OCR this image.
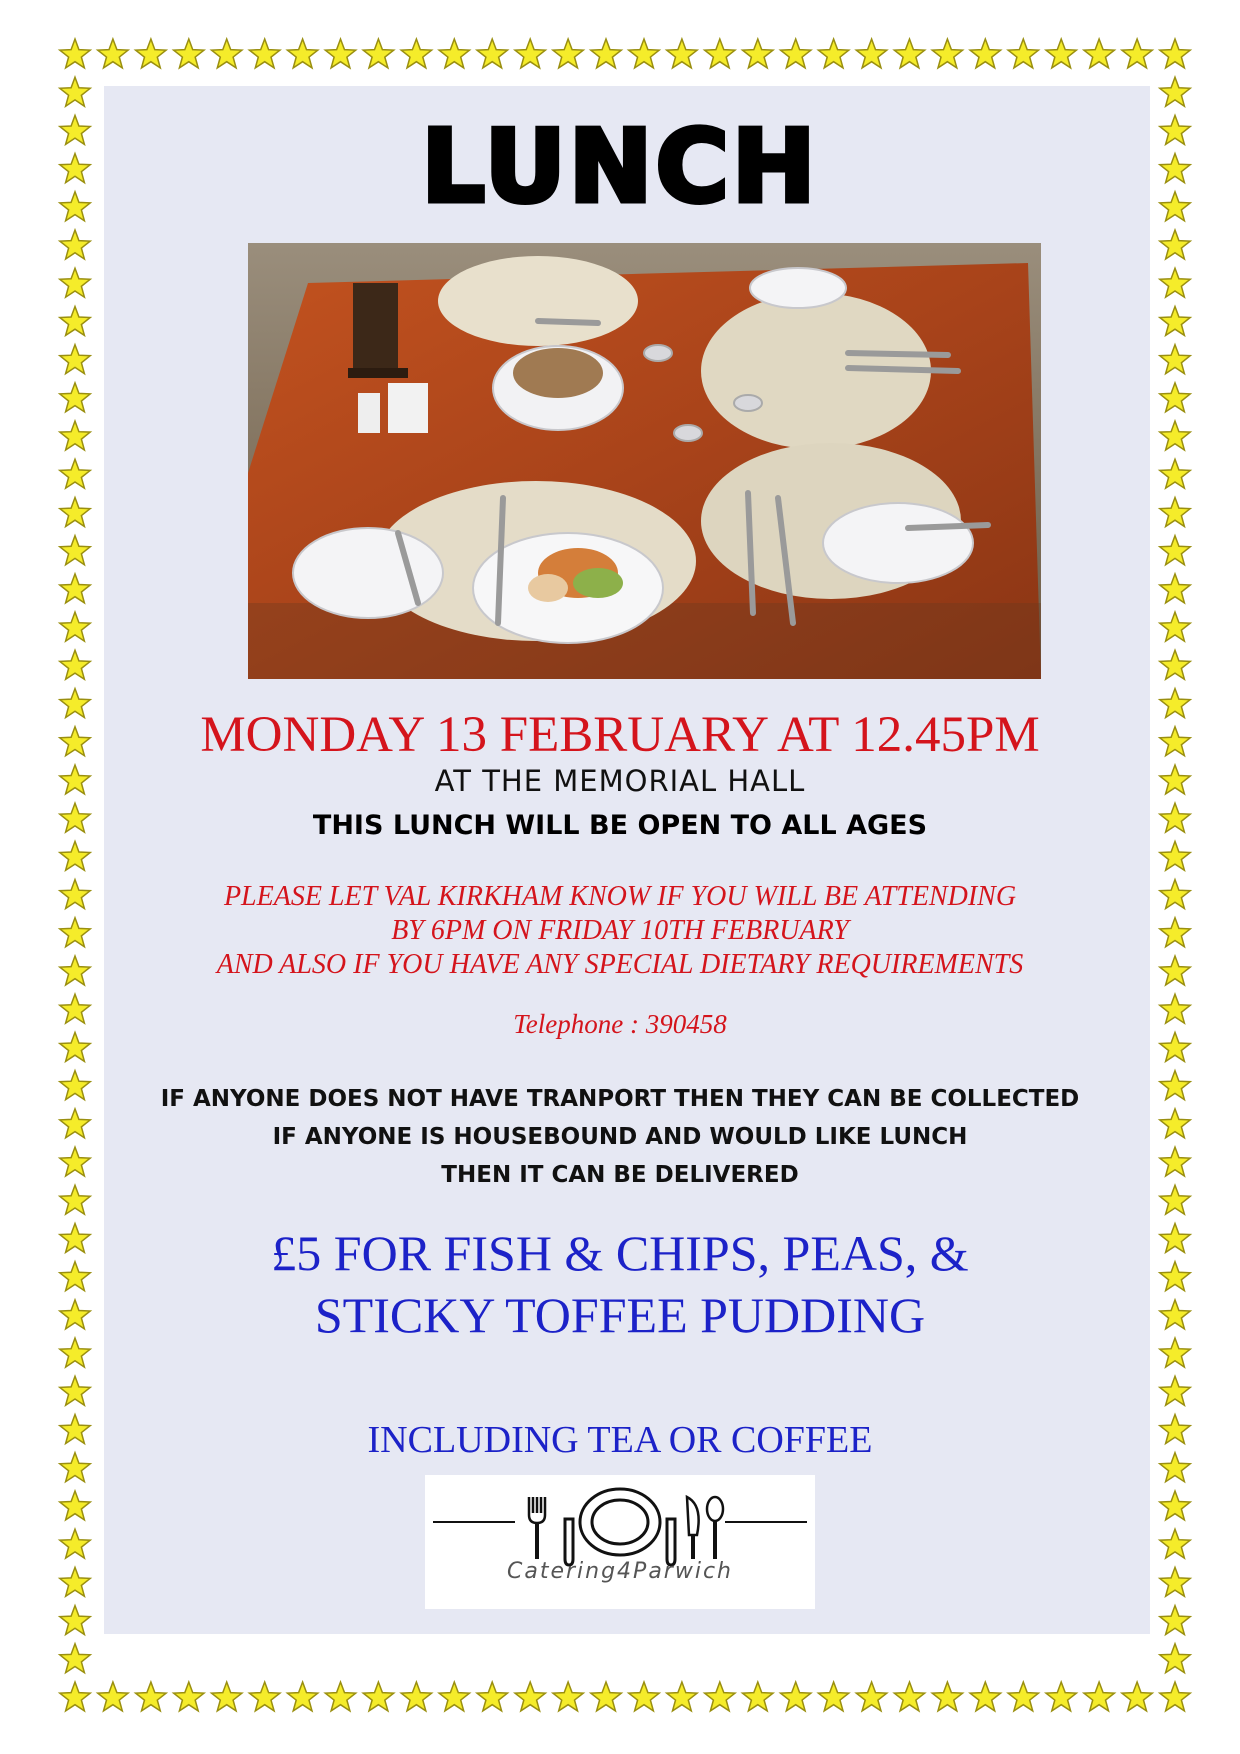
LUNCH
MONDAY 13 FEBRUARY AT 12.45PM
AT THE MEMORIAL HALL
THIS LUNCH WILL BE OPEN TO ALL AGES
PLEASE LET VAL KIRKHAM KNOW IF YOU WILL BE ATTENDING
BY 6PM ON FRIDAY 10TH FEBRUARY
AND ALSO IF YOU HAVE ANY SPECIAL DIETARY REQUIREMENTS
Telephone : 390458
IF ANYONE DOES NOT HAVE TRANPORT THEN THEY CAN BE COLLECTED
IF ANYONE IS HOUSEBOUND AND WOULD LIKE LUNCH
THEN IT CAN BE DELIVERED
£5 FOR FISH & CHIPS, PEAS, &
STICKY TOFFEE PUDDING
INCLUDING TEA OR COFFEE
Catering4Parwich
